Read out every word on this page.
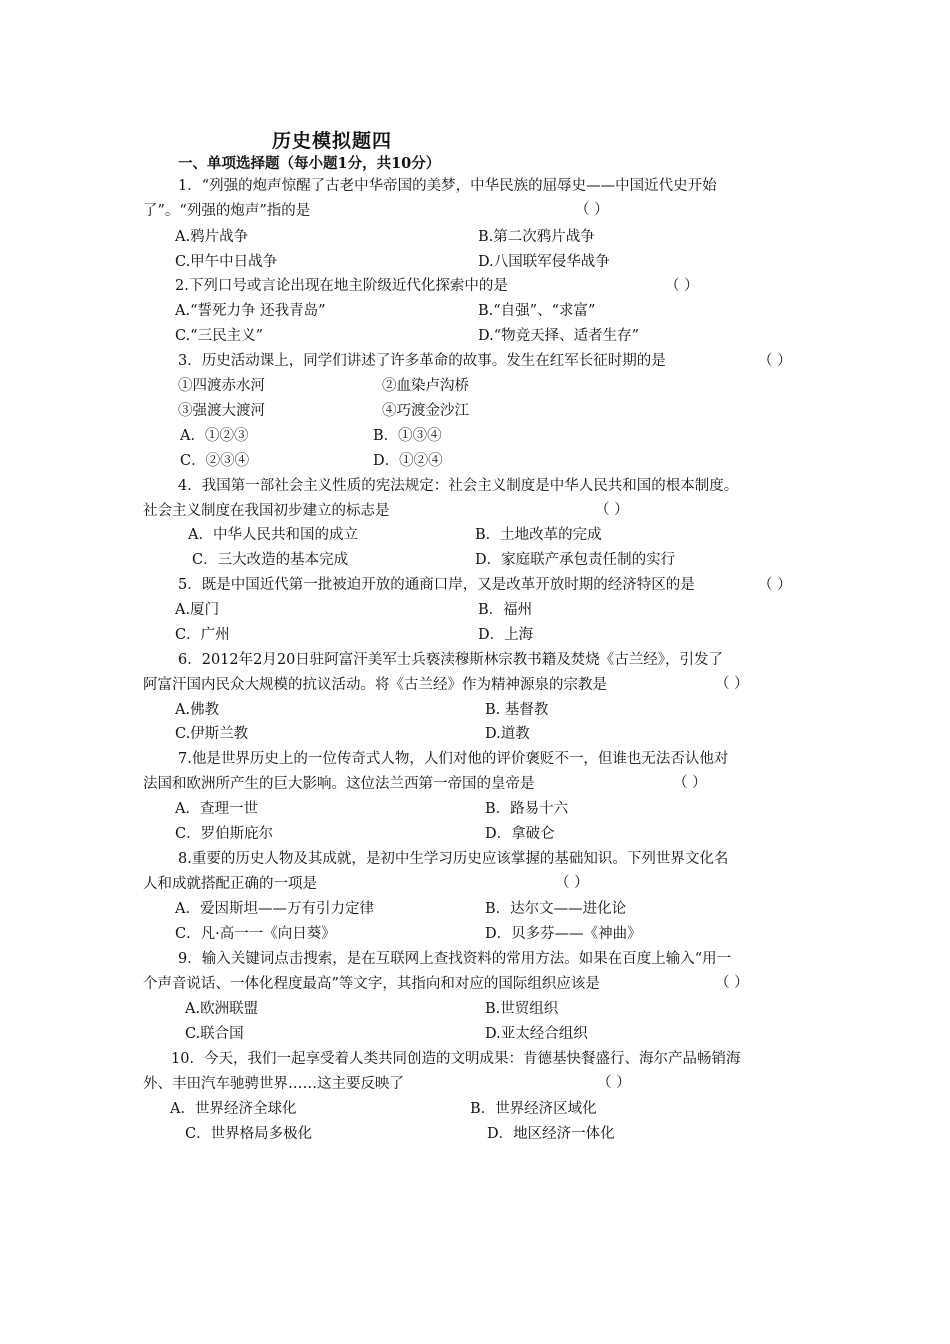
历史模拟题四
一、单项选择题（每小题1分，共10分）
1．“列强的炮声惊醒了古老中华帝国的美梦，中华民族的屈辱史——中国近代史开始
了”。“列强的炮声”指的是	（ ）
A.鸦片战争	B.第二次鸦片战争
C.甲午中日战争	D.八国联军侵华战争
2.下列口号或言论出现在地主阶级近代化探索中的是	（ ）
A.“誓死力争 还我青岛”	B.“自强”、“求富”
C.“三民主义”	D.“物竞天择、适者生存”
3．历史活动课上，同学们讲述了许多革命的故事。发生在红军长征时期的是	（ ）
①四渡赤水河	②血染卢沟桥
③强渡大渡河	④巧渡金沙江
A．①②③	B．①③④
C．②③④	D．①②④
4．我国第一部社会主义性质的宪法规定：社会主义制度是中华人民共和国的根本制度。
社会主义制度在我国初步建立的标志是	（ ）
A．中华人民共和国的成立	B．土地改革的完成
C．三大改造的基本完成	D．家庭联产承包责任制的实行
5．既是中国近代第一批被迫开放的通商口岸，又是改革开放时期的经济特区的是	（ ）
A.厦门	B．福州
C．广州	D．上海
6．2012年2月20日驻阿富汗美军士兵亵渎穆斯林宗教书籍及焚烧《古兰经》，引发了
阿富汗国内民众大规模的抗议活动。将《古兰经》作为精神源泉的宗教是	（ ）
A.佛教	B. 基督教
C.伊斯兰教	D.道教
7.他是世界历史上的一位传奇式人物，人们对他的评价褒贬不一，但谁也无法否认他对
法国和欧洲所产生的巨大影响。这位法兰西第一帝国的皇帝是	（ ）
A．查理一世	B．路易十六
C．罗伯斯庇尔	D．拿破仑
8.重要的历史人物及其成就，是初中生学习历史应该掌握的基础知识。下列世界文化名
人和成就搭配正确的一项是	（ ）
A．爱因斯坦——万有引力定律	B．达尔文——进化论
C．凡·高一一《向日葵》	D．贝多芬——《神曲》
9．输入关键词点击搜索，是在互联网上查找资料的常用方法。如果在百度上输入“用一
个声音说话、一体化程度最高”等文字，其指向和对应的国际组织应该是	（ ）
A.欧洲联盟	B.世贸组织
C.联合国	D.亚太经合组织
10．今天，我们一起享受着人类共同创造的文明成果：肯德基快餐盛行、海尔产品畅销海
外、丰田汽车驰骋世界……这主要反映了	（ ）
A．世界经济全球化	B．世界经济区域化
C．世界格局多极化	D．地区经济一体化
